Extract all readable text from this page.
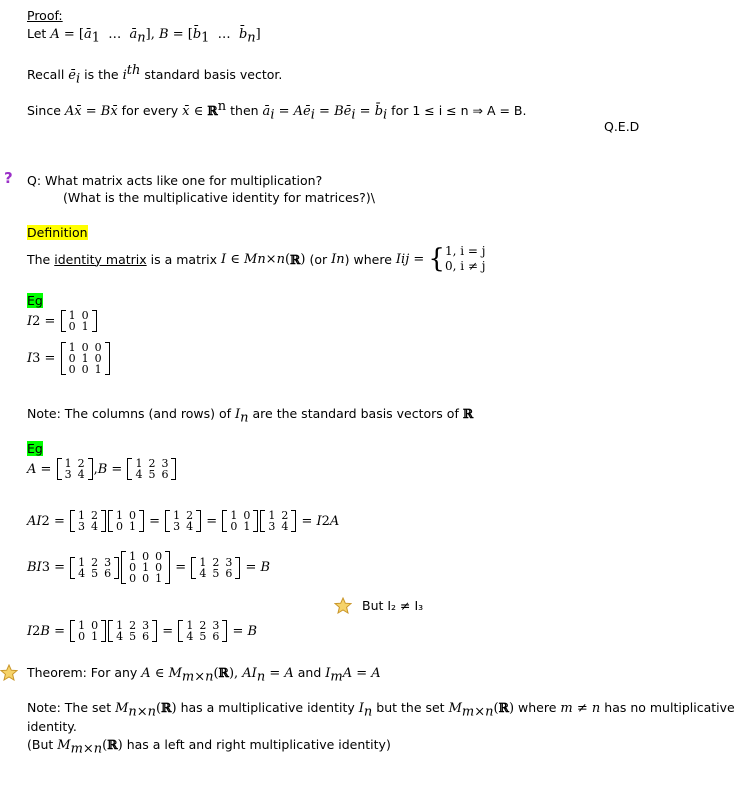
Proof:
Let $A = [ā_1$  …  $ā_n$], $B = [b̄_1$  …  $b̄_n$]
Recall $ē_i$ is the $i^{th}$ standard basis vector.
Since Ax̄ = Bx̄ for every x̄ ∈ ℝ$^n$ then $ā_i$ = $Aē_i$ = $Bē_i$ = $b̄_i$ for 1 ≤ i ≤ n ⇒ A = B.
Q.E.D
? Q: What matrix acts like one for multiplication?
(What is the multiplicative identity for matrices?)\
Definition
The
identity matrix
is a matrix
I ∈ M n×n ( ℝ )
(or
I n ) where
I ij = { 1, i = j
0, i ≠ j
Eg
I 2 = 1	0
0	1
I 3 =
1	0	0
0	1	0
0	0	1
Note: The columns (and rows) of $I_n$ are the standard basis vectors of ℝ
Eg
A = 1	2
3	4 , B = 1	2	3
4	5	6
AI 2 = 1	2
3	4
1	0
0	1 = 1	2
3	4 = 1	0
0	1
1	2
3	4 = I 2 A
BI 3 = 1	2	3
4	5	6
1	0	0
0	1	0
0	0	1
= 1	2	3
4	5	6 = B
But I₂ ≠ I₃
I 2 B = 1	0
0	1
1	2	3
4	5	6 = 1	2	3
4	5	6 = B
Theorem: For any A ∈ $M_{m\times n}(ℝ)$, $AI_n = A$ and $I_mA = A$
Note: The set $M_{n\times n}(ℝ)$ has a multiplicative identity $I_n$ but the set $M_{m\times n}(ℝ)$ where m ≠ n has no multiplicative
identity.
(But $M_{m\times n}(ℝ)$ has a left and right multiplicative identity)
